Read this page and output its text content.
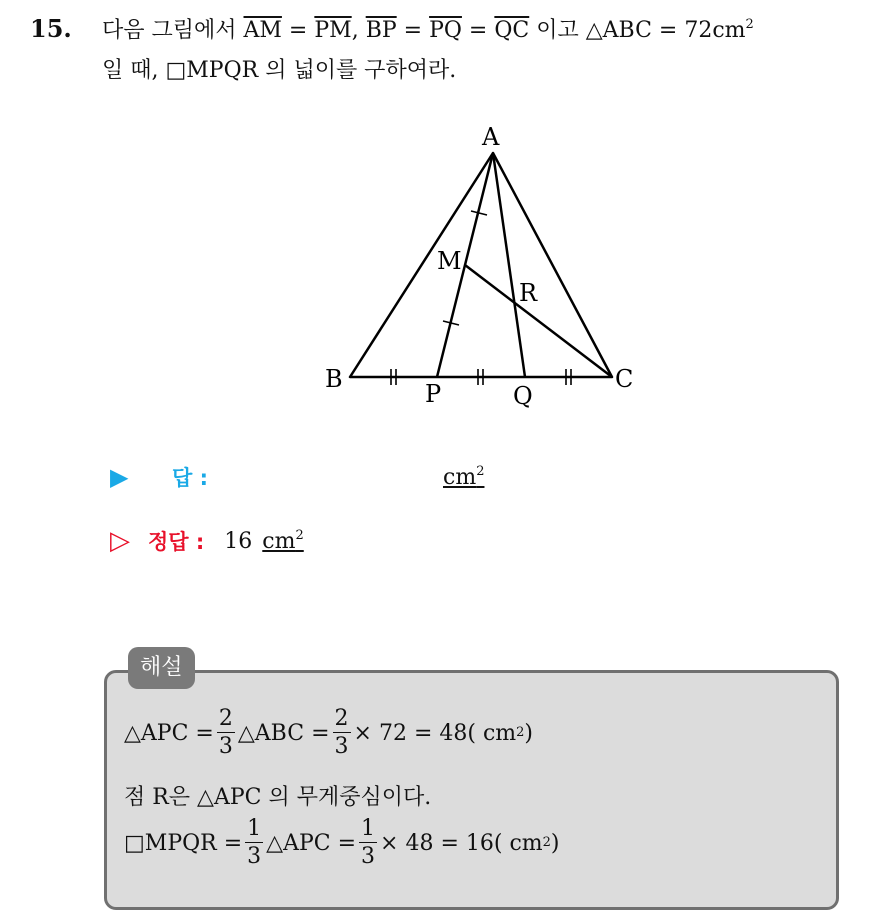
15. 다음 그림에서 $\overline{AM} = \overline{PM}$, $\overline{BP} = \overline{PQ} = \overline{QC}$ 이고 △ABC = $72cm^2$
일 때, □MPQR 의 넓이를 구하여라.
A
B	C
M
P	Q
R
▶	답 :	$cm^2$
▷ 정답 : 16 $cm^2$
해설
△APC = $\frac{2}{3}$ △ABC = $\frac{2}{3} \times 72 = 48$( cm 2 )
점 R은 △APC 의 무게중심이다.
□MPQR = $\frac{1}{3}$ △APC = $\frac{1}{3} \times 48 = 16$( cm 2 )
